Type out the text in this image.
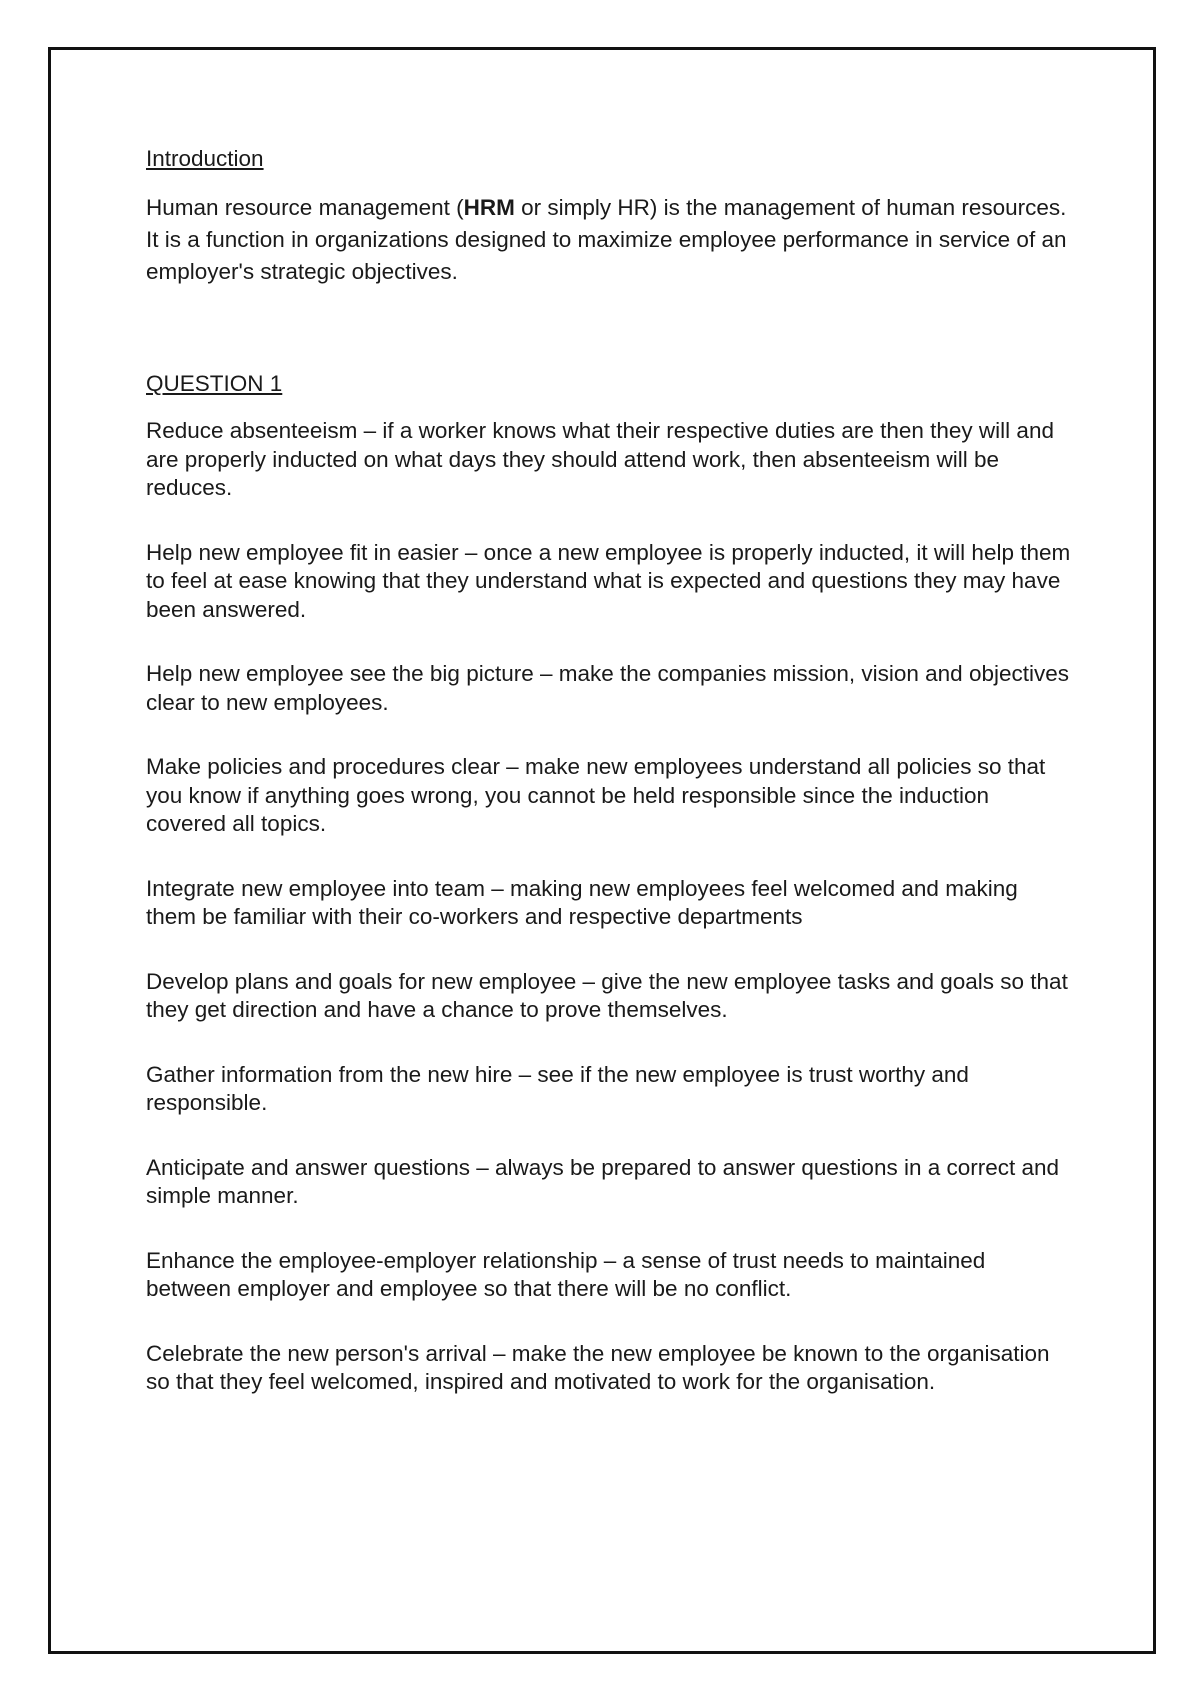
Introduction

Human resource management (HRM or simply HR) is the management of human resources. It is a function in organizations designed to maximize employee performance in service of an employer's strategic objectives.

QUESTION 1

Reduce absenteeism – if a worker knows what their respective duties are then they will and are properly inducted on what days they should attend work, then absenteeism will be reduces.

Help new employee fit in easier – once a new employee is properly inducted, it will help them to feel at ease knowing that they understand what is expected and questions they may have been answered.

Help new employee see the big picture – make the companies mission, vision and objectives clear to new employees.

Make policies and procedures clear – make new employees understand all policies so that you know if anything goes wrong, you cannot be held responsible since the induction covered all topics.

Integrate new employee into team – making new employees feel welcomed and making them be familiar with their co-workers and respective departments

Develop plans and goals for new employee – give the new employee tasks and goals so that they get direction and have a chance to prove themselves.

Gather information from the new hire – see if the new employee is trust worthy and responsible.

Anticipate and answer questions – always be prepared to answer questions in a correct and simple manner.

Enhance the employee-employer relationship – a sense of trust needs to maintained between employer and employee so that there will be no conflict.

Celebrate the new person's arrival – make the new employee be known to the organisation so that they feel welcomed, inspired and motivated to work for the organisation.
